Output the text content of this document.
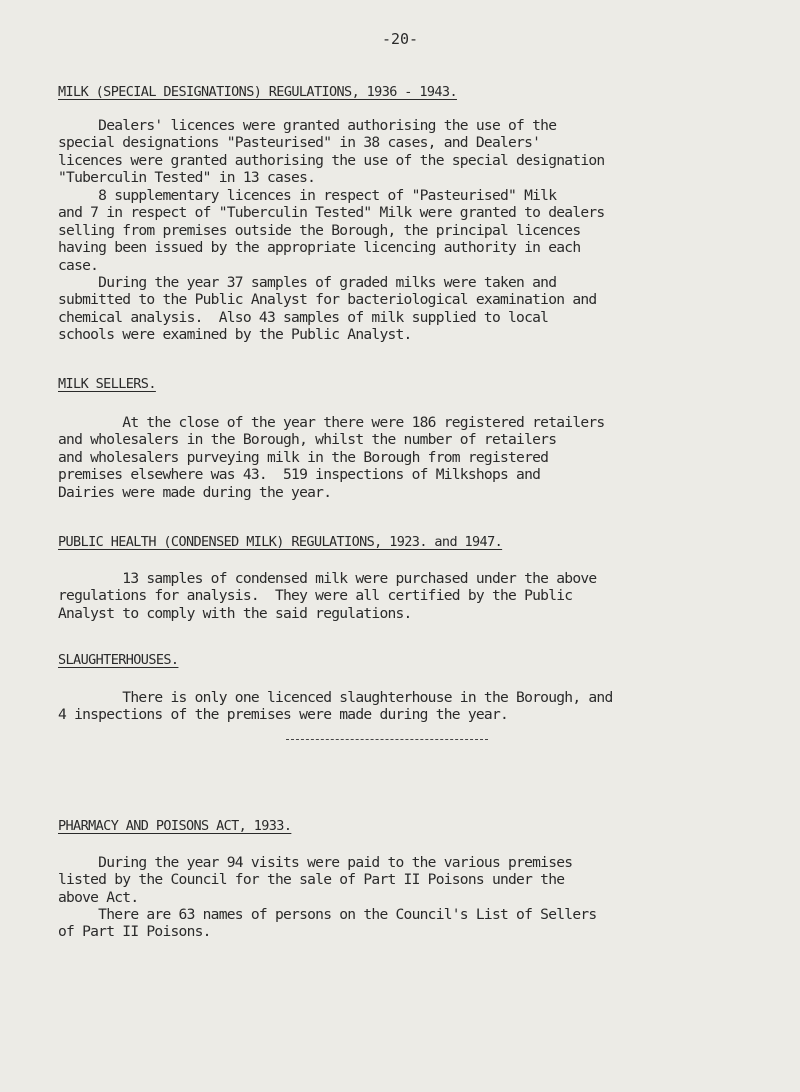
-20-
MILK (SPECIAL DESIGNATIONS) REGULATIONS, 1936 - 1943.

Dealers' licences were granted authorising the use of the
special designations "Pasteurised" in 38 cases, and Dealers'
licences were granted authorising the use of the special designation
"Tuberculin Tested" in 13 cases.

8 supplementary licences in respect of "Pasteurised" Milk
and 7 in respect of "Tuberculin Tested" Milk were granted to dealers
selling from premises outside the Borough, the principal licences
having been issued by the appropriate licencing authority in each
case.

During the year 37 samples of graded milks were taken and
submitted to the Public Analyst for bacteriological examination and
chemical analysis.  Also 43 samples of milk supplied to local
schools were examined by the Public Analyst.

MILK SELLERS.

At the close of the year there were 186 registered retailers
and wholesalers in the Borough, whilst the number of retailers
and wholesalers purveying milk in the Borough from registered
premises elsewhere was 43.  519 inspections of Milkshops and
Dairies were made during the year.

PUBLIC HEALTH (CONDENSED MILK) REGULATIONS, 1923. and 1947.

13 samples of condensed milk were purchased under the above
regulations for analysis.  They were all certified by the Public
Analyst to comply with the said regulations.

SLAUGHTERHOUSES.

There is only one licenced slaughterhouse in the Borough, and
4 inspections of the premises were made during the year.

PHARMACY AND POISONS ACT, 1933.

During the year 94 visits were paid to the various premises
listed by the Council for the sale of Part II Poisons under the
above Act.

There are 63 names of persons on the Council's List of Sellers
of Part II Poisons.
